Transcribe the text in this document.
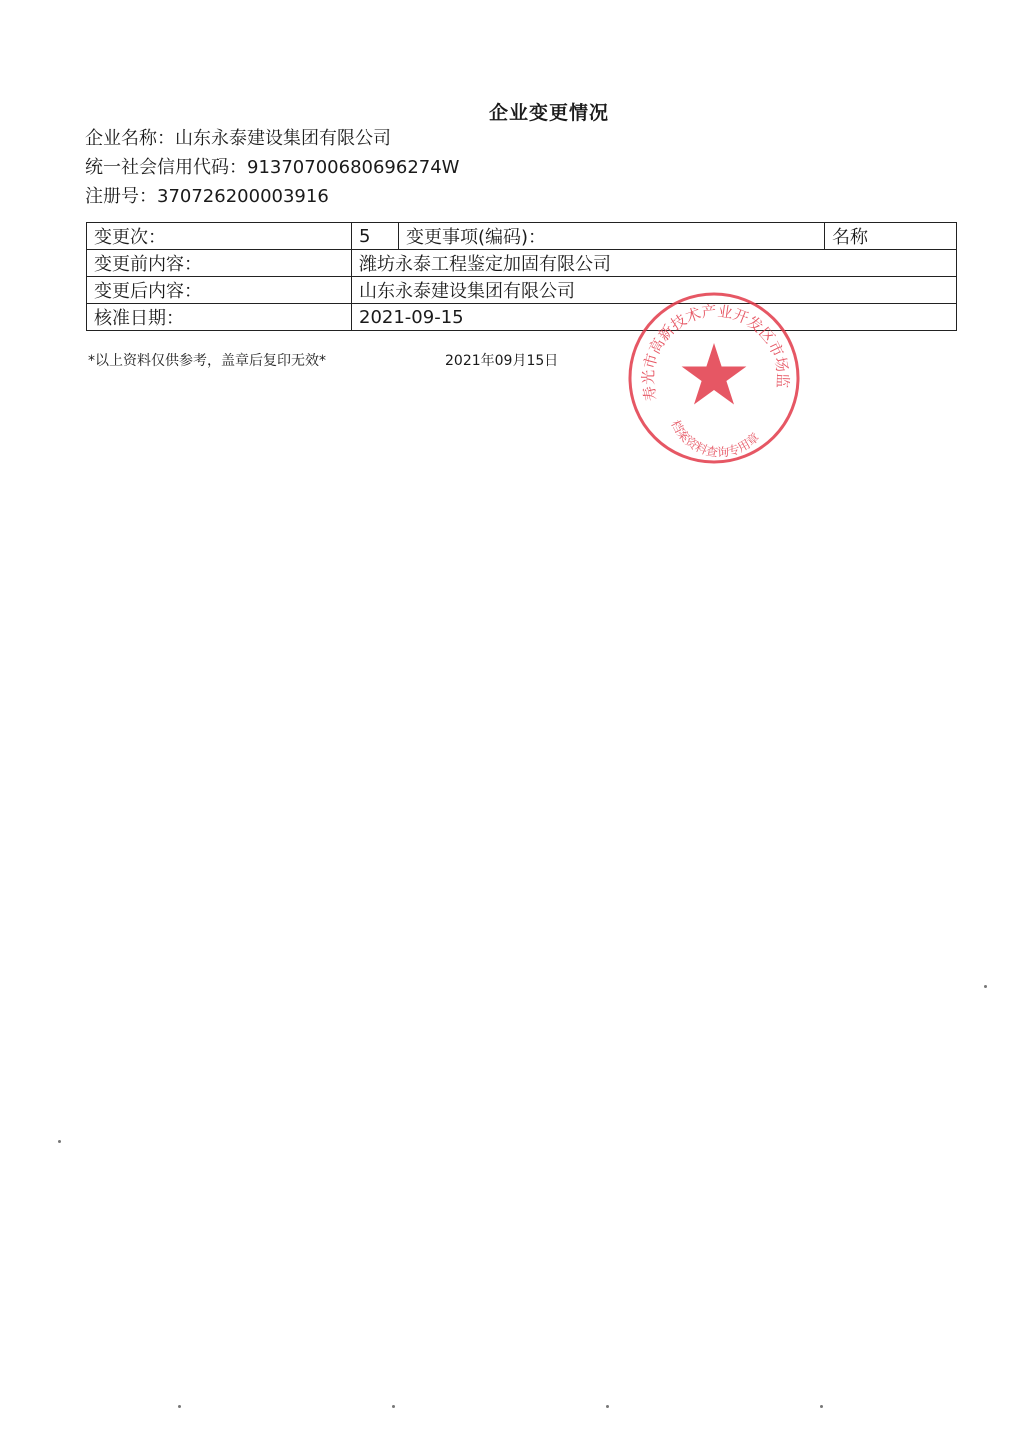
企业变更情况
企业名称：山东永泰建设集团有限公司
统一社会信用代码：91370700680696274W
注册号：370726200003916
变更次：	5	变更事项(编码)：	名称
变更前内容：	潍坊永泰工程鉴定加固有限公司		
变更后内容：	山东永泰建设集团有限公司		
核准日期：	2021-09-15		
*以上资料仅供参考，盖章后复印无效*	2021年09月15日
寿光市高新技术产业开发区市场监
档案资料查询专用章
